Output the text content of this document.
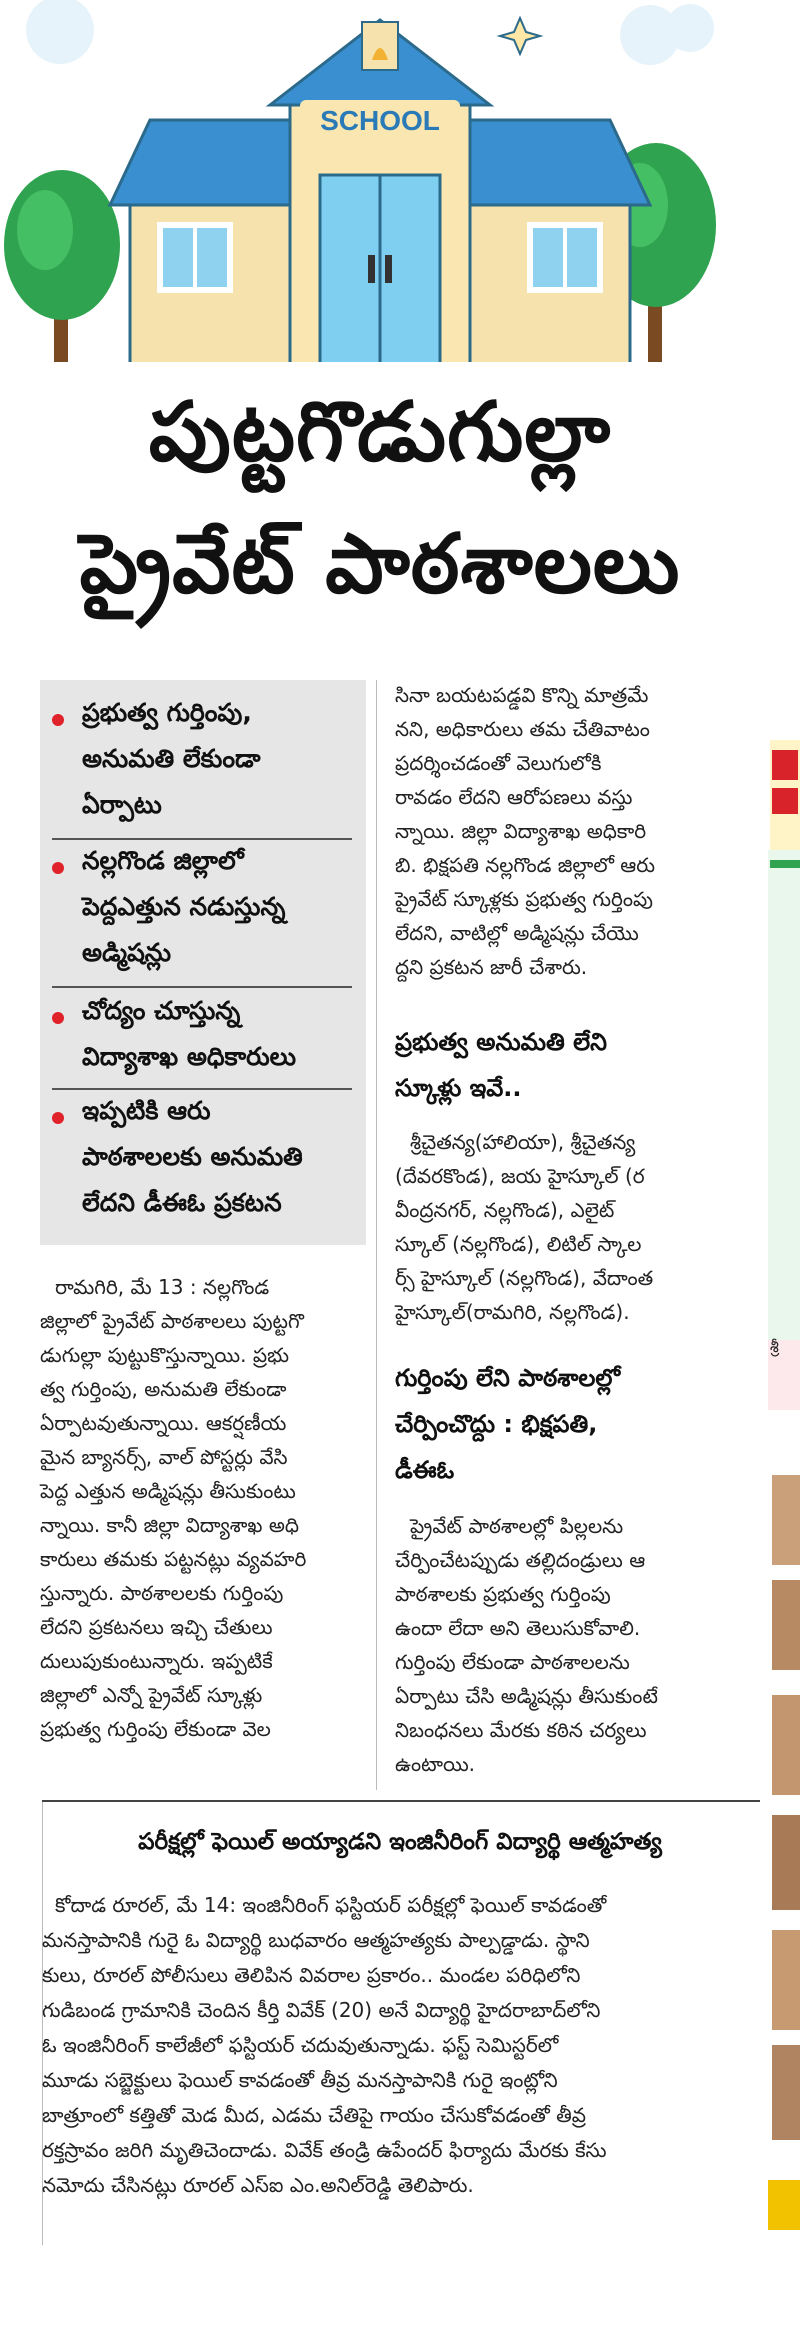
SCHOOL
పుట్టగొడుగుల్లా
ప్రైవేట్ పాఠశాలలు
ప్రభుత్వ గుర్తింపు,
అనుమతి లేకుండా
ఏర్పాటు
నల్లగొండ జిల్లాలో
పెద్దఎత్తున నడుస్తున్న
అడ్మిషన్లు
చోద్యం చూస్తున్న
విద్యాశాఖ అధికారులు
ఇప్పటికి ఆరు
పాఠశాలలకు అనుమతి
లేదని డీఈఓ ప్రకటన
రామగిరి, మే 13 : నల్లగొండ
జిల్లాలో ప్రైవేట్ పాఠశాలలు పుట్టగొ
డుగుల్లా పుట్టుకొస్తున్నాయి. ప్రభు
త్వ గుర్తింపు, అనుమతి లేకుండా
ఏర్పాటవుతున్నాయి. ఆకర్షణీయ
మైన బ్యానర్స్, వాల్ పోస్టర్లు వేసి
పెద్ద ఎత్తున అడ్మిషన్లు తీసుకుంటు
న్నాయి. కానీ జిల్లా విద్యాశాఖ అధి
కారులు తమకు పట్టనట్లు వ్యవహరి
స్తున్నారు. పాఠశాలలకు గుర్తింపు
లేదని ప్రకటనలు ఇచ్చి చేతులు
దులుపుకుంటున్నారు. ఇప్పటికే
జిల్లాలో ఎన్నో ప్రైవేట్ స్కూళ్లు
ప్రభుత్వ గుర్తింపు లేకుండా వెల
సినా బయటపడ్డవి కొన్ని మాత్రమే
నని, అధికారులు తమ చేతివాటం
ప్రదర్శించడంతో వెలుగులోకి
రావడం లేదని ఆరోపణలు వస్తు
న్నాయి. జిల్లా విద్యాశాఖ అధికారి
బి. భిక్షపతి నల్లగొండ జిల్లాలో ఆరు
ప్రైవేట్ స్కూళ్లకు ప్రభుత్వ గుర్తింపు
లేదని, వాటిల్లో అడ్మిషన్లు చేయొ
ద్దని ప్రకటన జారీ చేశారు.
ప్రభుత్వ అనుమతి లేని
స్కూళ్లు ఇవే..
శ్రీచైతన్య(హాలియా), శ్రీచైతన్య
(దేవరకొండ), జయ హైస్కూల్ (ర
వీంద్రనగర్, నల్లగొండ), ఎలైట్
స్కూల్ (నల్లగొండ), లిటిల్ స్కాల
ర్స్ హైస్కూల్ (నల్లగొండ), వేదాంత
హైస్కూల్(రామగిరి, నల్లగొండ).
గుర్తింపు లేని పాఠశాలల్లో
చేర్పించొద్దు : భిక్షపతి,
డీఈఓ
ప్రైవేట్ పాఠశాలల్లో పిల్లలను
చేర్పించేటప్పుడు తల్లిదండ్రులు ఆ
పాఠశాలకు ప్రభుత్వ గుర్తింపు
ఉందా లేదా అని తెలుసుకోవాలి.
గుర్తింపు లేకుండా పాఠశాలలను
ఏర్పాటు చేసి అడ్మిషన్లు తీసుకుంటే
నిబంధనలు మేరకు కఠిన చర్యలు
ఉంటాయి.
పరీక్షల్లో ఫెయిల్ అయ్యాడని ఇంజినీరింగ్ విద్యార్థి ఆత్మహత్య
కోదాడ రూరల్, మే 14: ఇంజినీరింగ్ ఫస్టియర్ పరీక్షల్లో ఫెయిల్ కావడంతో
మనస్తాపానికి గురై ఓ విద్యార్థి బుధవారం ఆత్మహత్యకు పాల్పడ్డాడు. స్థాని
కులు, రూరల్ పోలీసులు తెలిపిన వివరాల ప్రకారం.. మండల పరిధిలోని
గుడిబండ గ్రామానికి చెందిన కీర్తి వివేక్ (20) అనే విద్యార్థి హైదరాబాద్‌లోని
ఓ ఇంజినీరింగ్ కాలేజీలో ఫస్టియర్ చదువుతున్నాడు. ఫస్ట్ సెమిస్టర్‌లో
మూడు సబ్జెక్టులు ఫెయిల్ కావడంతో తీవ్ర మనస్తాపానికి గురై ఇంట్లోని
బాత్రూంలో కత్తితో మెడ మీద, ఎడమ చేతిపై గాయం చేసుకోవడంతో తీవ్ర
రక్తస్రావం జరిగి మృతిచెందాడు. వివేక్ తండ్రి ఉపేందర్ ఫిర్యాదు మేరకు కేసు
నమోదు చేసినట్లు రూరల్ ఎస్ఐ ఎం.అనిల్‌రెడ్డి తెలిపారు.
శ్రీ
